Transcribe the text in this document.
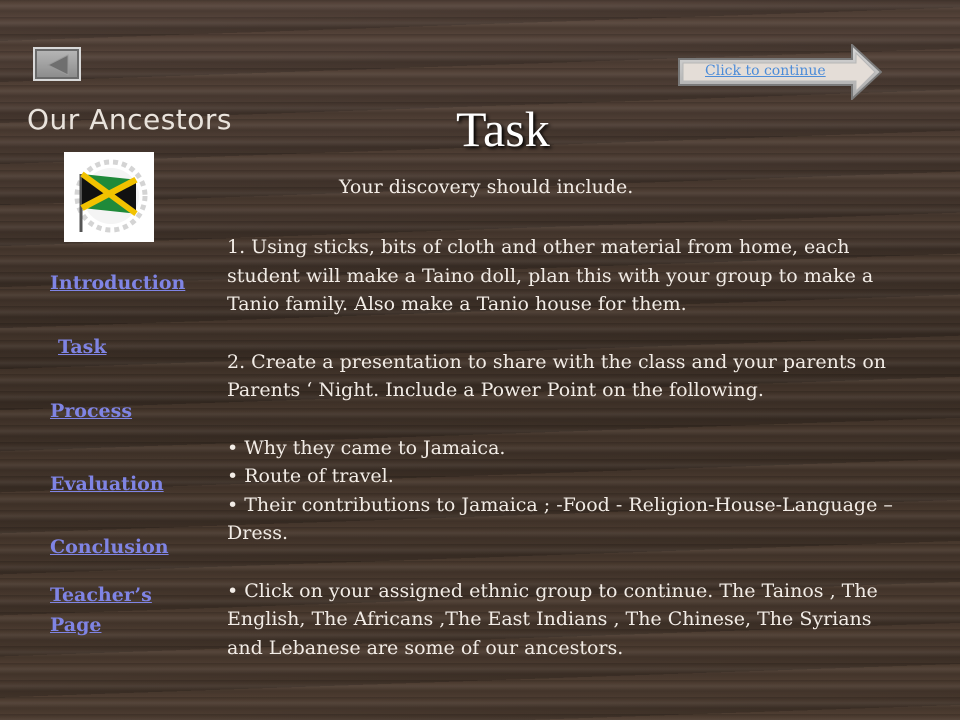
Click to continue
Our Ancestors
Introduction
Task
Process
Evaluation
Conclusion
Teacher’s
Page
Task
Your discovery should include.

1. Using sticks, bits of cloth and other material from home, each student will make a Taino doll, plan this with your group to make a Tanio family. Also make a Tanio house for them.

2. Create a presentation to share with the class and your parents on Parents ‘ Night. Include a Power Point on the following.

• Why they came to Jamaica.

• Route of travel.

• Their contributions to Jamaica ; -Food - Religion-House-Language –Dress.

• Click on your assigned ethnic group to continue. The Tainos , The English, The Africans ,The East Indians , The Chinese, The Syrians and Lebanese are some of our ancestors.
